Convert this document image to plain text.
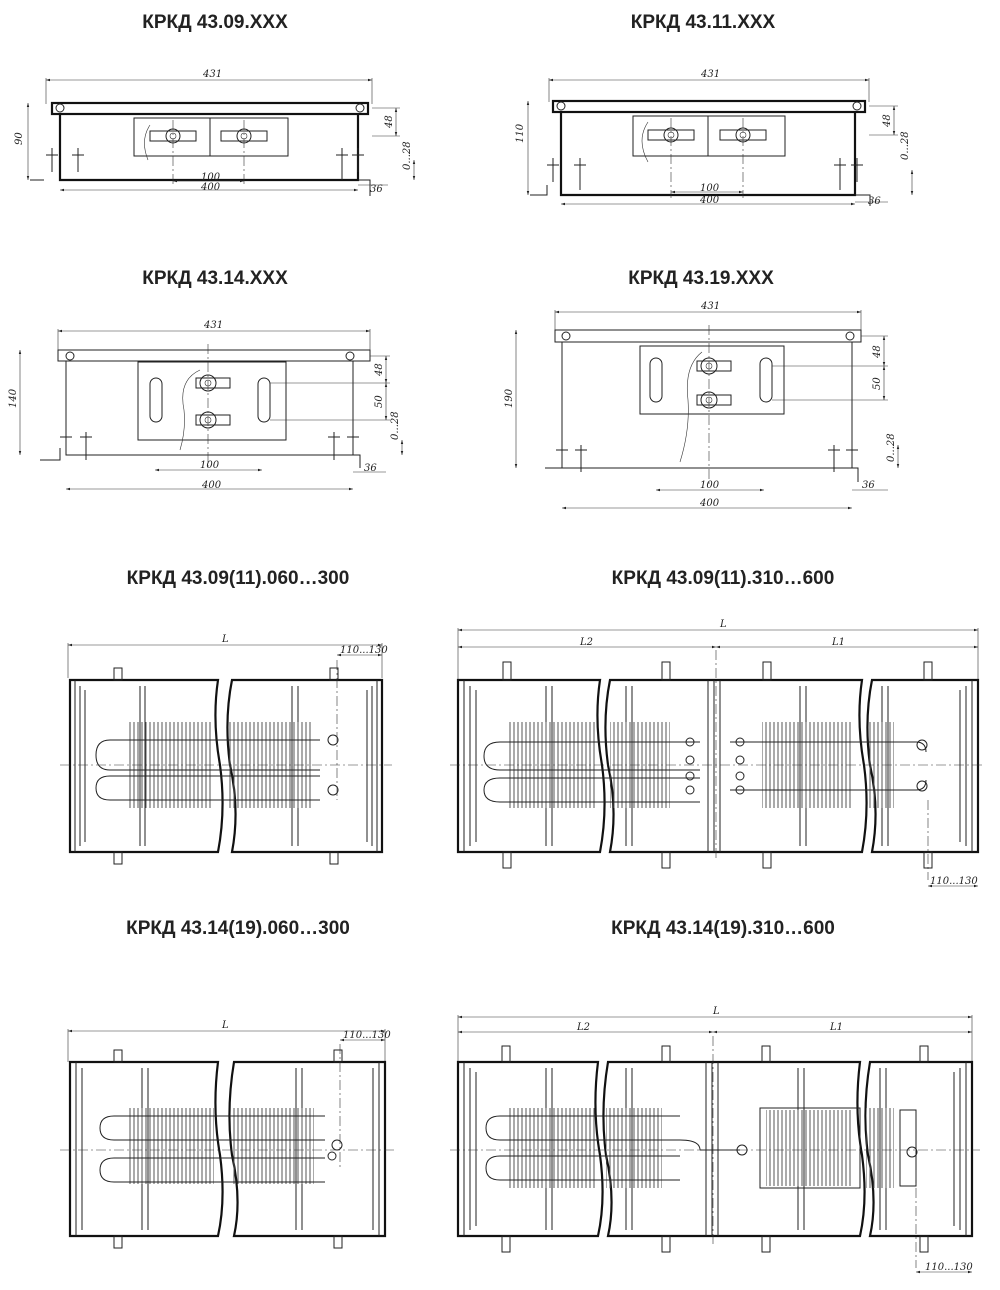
КРКД 43.09.XXX	КРКД 43.11.XXX
КРКД 43.14.XXX	КРКД 43.19.XXX
КРКД 43.09(11).060…300	КРКД 43.09(11).310…600
КРКД 43.14(19).060…300	КРКД 43.14(19).310…600
431
400
100
36
90
48
0...28
431
400
100
36
110
48
0...28
431
400
100	36
140
48
50
0...28
431
400
100	36
190
48
50
0...28
L
110...130
L
L2	L1
110...130
L
110...130
L
L2	L1
110...130
